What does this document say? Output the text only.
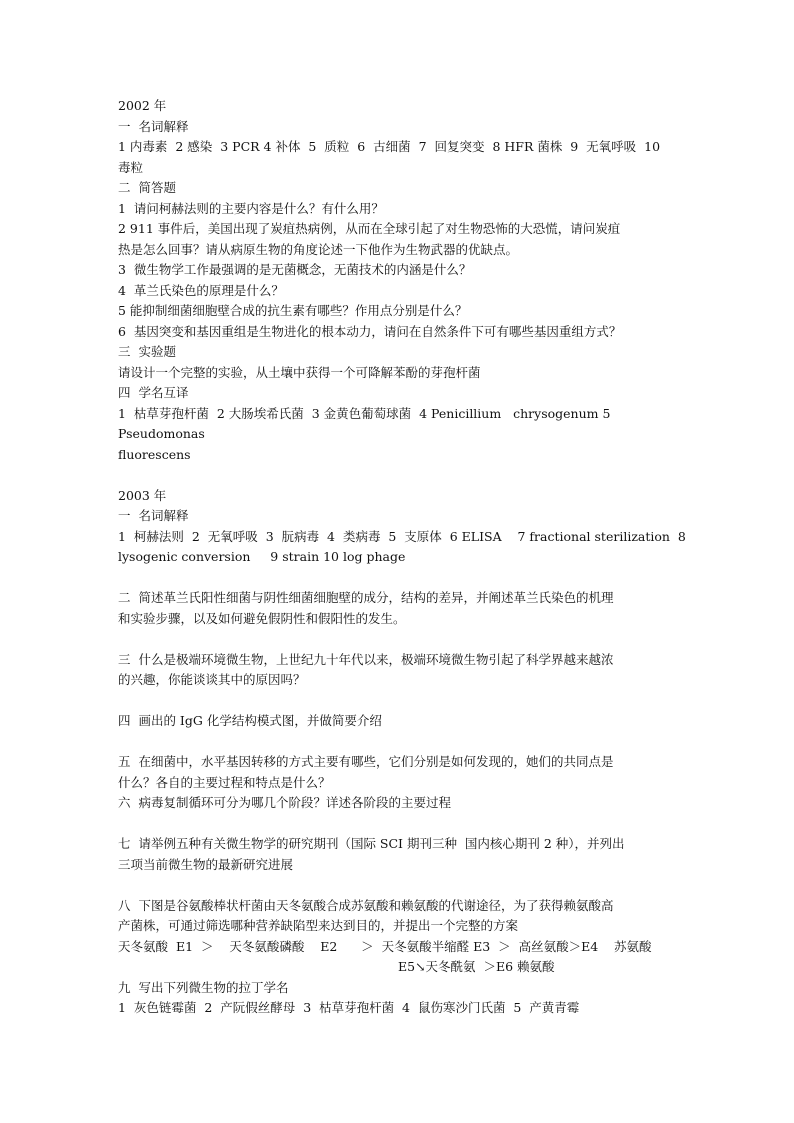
2002 年

一  名词解释

1 内毒素  2 感染  3 PCR 4 补体  5  质粒  6  古细菌  7  回复突变  8 HFR 菌株  9  无氧呼吸  10

毒粒

二  简答题

1  请问柯赫法则的主要内容是什么？有什么用？

2 911 事件后，美国出现了炭疽热病例，从而在全球引起了对生物恐怖的大恐慌，请问炭疽

热是怎么回事？请从病原生物的角度论述一下他作为生物武器的优缺点。

3  微生物学工作最强调的是无菌概念，无菌技术的内涵是什么？

4  革兰氏染色的原理是什么？

5 能抑制细菌细胞壁合成的抗生素有哪些？作用点分别是什么？

6  基因突变和基因重组是生物进化的根本动力，请问在自然条件下可有哪些基因重组方式？

三  实验题

请设计一个完整的实验，从土壤中获得一个可降解苯酚的芽孢杆菌

四  学名互译

1  枯草芽孢杆菌  2 大肠埃希氏菌  3 金黄色葡萄球菌  4 Penicillium   chrysogenum 5 Pseudomonas

fluorescens

2003 年

一  名词解释

1  柯赫法则  2  无氧呼吸  3  朊病毒  4  类病毒  5  支原体  6 ELISA    7 fractional sterilization  8

lysogenic conversion     9 strain 10 log phage

二  简述革兰氏阳性细菌与阴性细菌细胞壁的成分，结构的差异，并阐述革兰氏染色的机理

和实验步骤，以及如何避免假阴性和假阳性的发生。

三  什么是极端环境微生物，上世纪九十年代以来，极端环境微生物引起了科学界越来越浓

的兴趣，你能谈谈其中的原因吗？

四  画出的 IgG 化学结构模式图，并做简要介绍

五  在细菌中，水平基因转移的方式主要有哪些，它们分别是如何发现的，她们的共同点是

什么？各自的主要过程和特点是什么？

六  病毒复制循环可分为哪几个阶段？详述各阶段的主要过程

七  请举例五种有关微生物学的研究期刊（国际 SCI 期刊三种  国内核心期刊 2 种），并列出

三项当前微生物的最新研究进展

八  下图是谷氨酸棒状杆菌由天冬氨酸合成苏氨酸和赖氨酸的代谢途径，为了获得赖氨酸高

产菌株，可通过筛选哪种营养缺陷型来达到目的，并提出一个完整的方案

天冬氨酸  E1  ＞    天冬氨酸磷酸    E2      ＞  天冬氨酸半缩醛 E3  ＞  高丝氨酸＞E4    苏氨酸

E5↘天冬酰氨  ＞E6 赖氨酸

九  写出下列微生物的拉丁学名

1  灰色链霉菌  2  产阮假丝酵母  3  枯草芽孢杆菌  4  鼠伤寒沙门氏菌  5  产黄青霉
